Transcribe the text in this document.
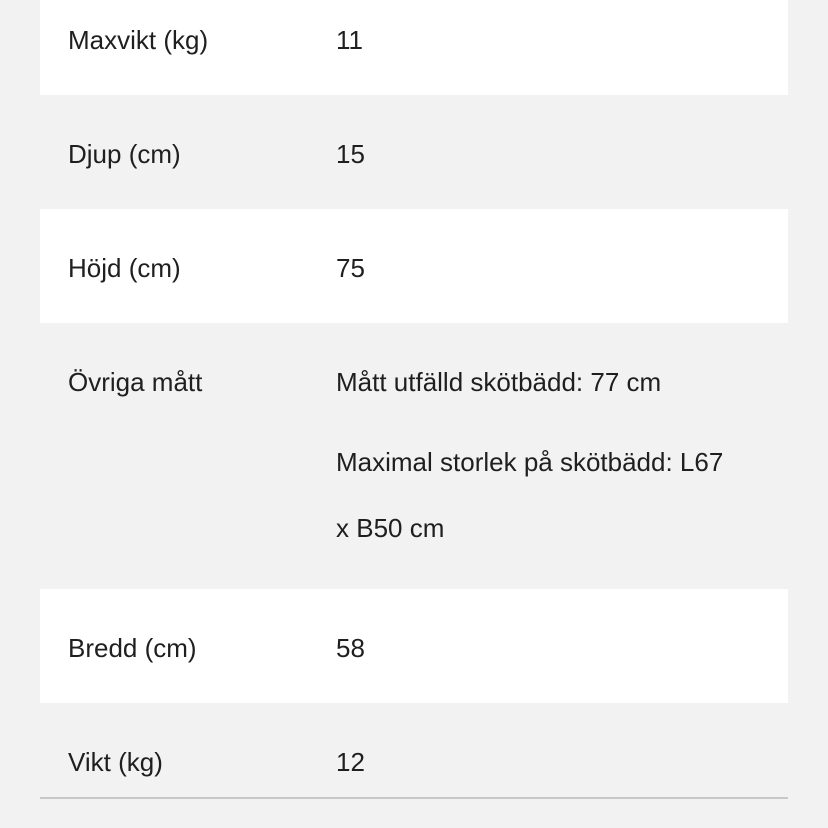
Maxvikt (kg)	11
Djup (cm)	15
Höjd (cm)	75
Övriga mått	Mått utfälld skötbädd: 77 cm
Maximal storlek på skötbädd: L67
x B50 cm
Bredd (cm)	58
Vikt (kg)	12
